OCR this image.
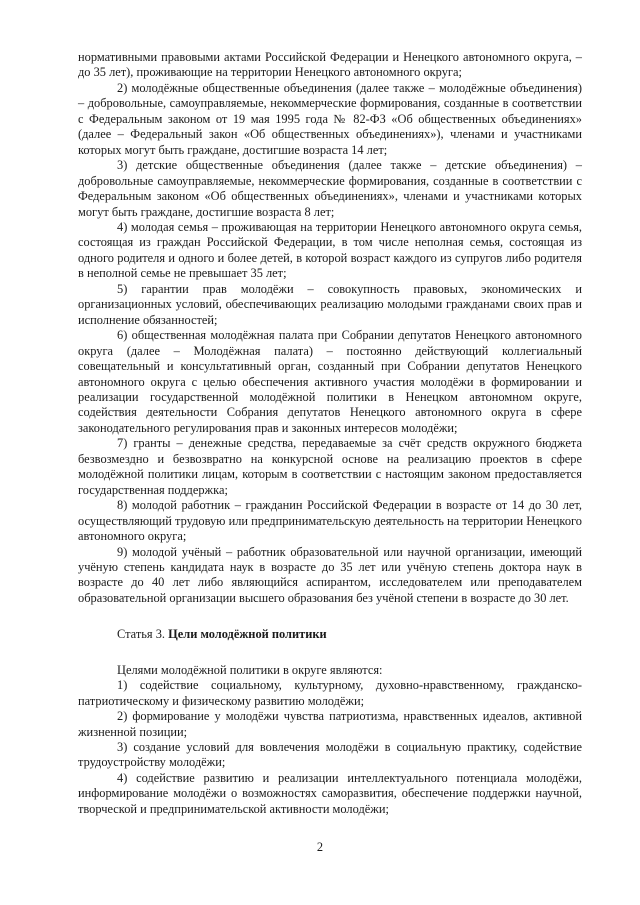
нормативными правовыми актами Российской Федерации и Ненецкого автономного округа, – до 35 лет), проживающие на территории Ненецкого автономного округа;

2) молодёжные общественные объединения (далее также – молодёжные объединения) – добровольные, самоуправляемые, некоммерческие формирования, созданные в соответствии с Федеральным законом от 19 мая 1995 года № 82-ФЗ «Об общественных объединениях» (далее – Федеральный закон «Об общественных объединениях»), членами и участниками которых могут быть граждане, достигшие возраста 14 лет;

3) детские общественные объединения (далее также – детские объединения) – добровольные самоуправляемые, некоммерческие формирования, созданные в соответствии с Федеральным законом «Об общественных объединениях», членами и участниками которых могут быть граждане, достигшие возраста 8 лет;

4) молодая семья – проживающая на территории Ненецкого автономного округа семья, состоящая из граждан Российской Федерации, в том числе неполная семья, состоящая из одного родителя и одного и более детей, в которой возраст каждого из супругов либо родителя в неполной семье не превышает 35 лет;

5) гарантии прав молодёжи – совокупность правовых, экономических и организационных условий, обеспечивающих реализацию молодыми гражданами своих прав и исполнение обязанностей;

6) общественная молодёжная палата при Собрании депутатов Ненецкого автономного округа (далее – Молодёжная палата) – постоянно действующий коллегиальный совещательный и консультативный орган, созданный при Собрании депутатов Ненецкого автономного округа с целью обеспечения активного участия молодёжи в формировании и реализации государственной молодёжной политики в Ненецком автономном округе, содействия деятельности Собрания депутатов Ненецкого автономного округа в сфере законодательного регулирования прав и законных интересов молодёжи;

7) гранты – денежные средства, передаваемые за счёт средств окружного бюджета безвозмездно и безвозвратно на конкурсной основе на реализацию проектов в сфере молодёжной политики лицам, которым в соответствии с настоящим законом предоставляется государственная поддержка;

8) молодой работник – гражданин Российской Федерации в возрасте от 14 до 30 лет, осуществляющий трудовую или предпринимательскую деятельность на территории Ненецкого автономного округа;

9) молодой учёный – работник образовательной или научной организации, имеющий учёную степень кандидата наук в возрасте до 35 лет или учёную степень доктора наук в возрасте до 40 лет либо являющийся аспирантом, исследователем или преподавателем образовательной организации высшего образования без учёной степени в возрасте до 30 лет.

Статья 3. Цели молодёжной политики

Целями молодёжной политики в округе являются:

1) содействие социальному, культурному, духовно-нравственному, гражданско-патриотическому и физическому развитию молодёжи;

2) формирование у молодёжи чувства патриотизма, нравственных идеалов, активной жизненной позиции;

3) создание условий для вовлечения молодёжи в социальную практику, содействие трудоустройству молодёжи;

4) содействие развитию и реализации интеллектуального потенциала молодёжи, информирование молодёжи о возможностях саморазвития, обеспечение поддержки научной, творческой и предпринимательской активности молодёжи;

2
